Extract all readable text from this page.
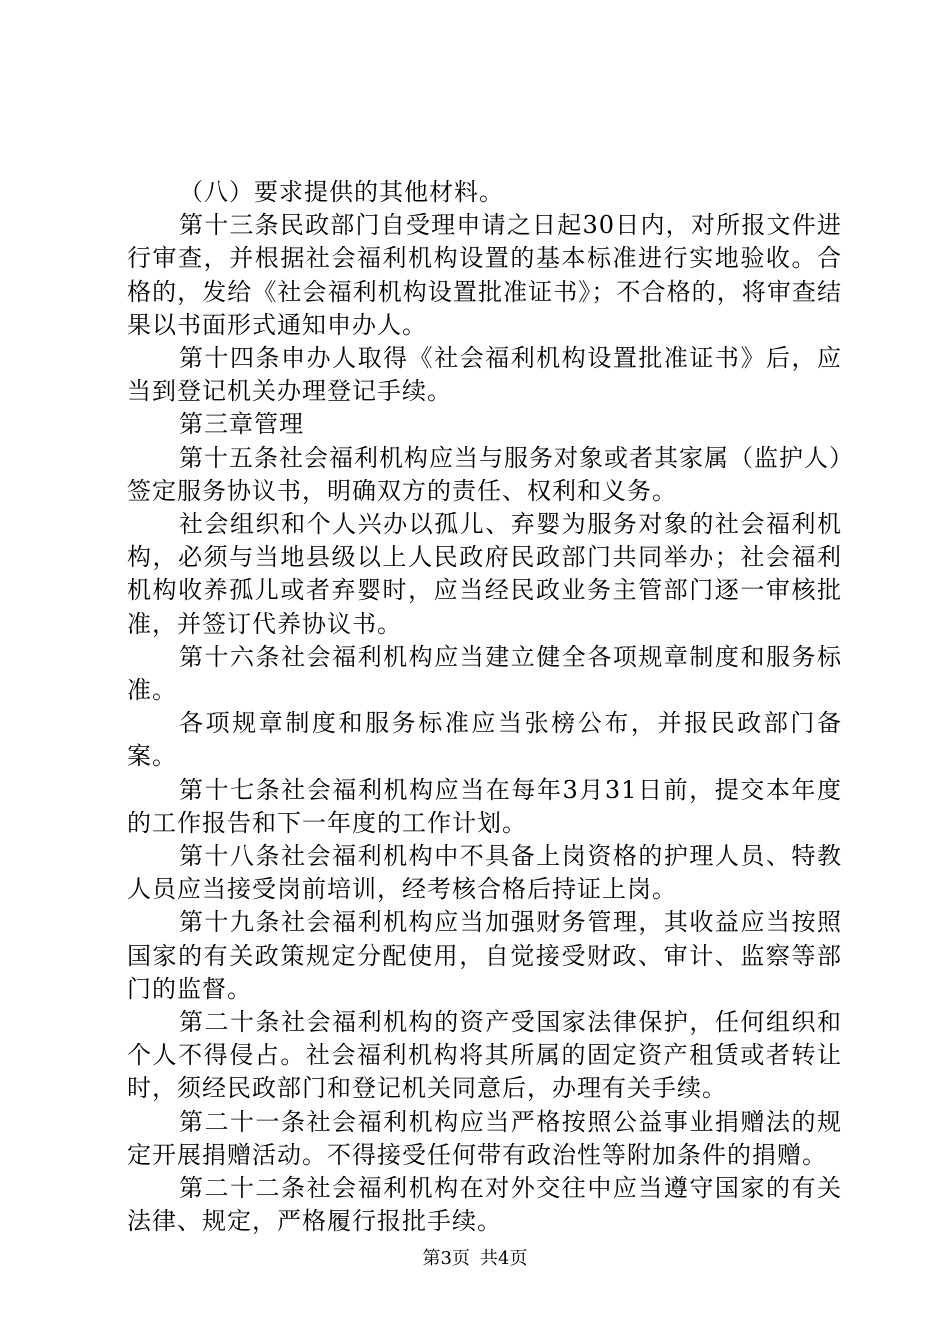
（八）要求提供的其他材料。

第十三条民政部门自受理申请之日起30日内，对所报文件进行审查，并根据社会福利机构设置的基本标准进行实地验收。合格的，发给《社会福利机构设置批准证书》；不合格的，将审查结果以书面形式通知申办人。

第十四条申办人取得《社会福利机构设置批准证书》后，应当到登记机关办理登记手续。

第三章管理

第十五条社会福利机构应当与服务对象或者其家属（监护人）签定服务协议书，明确双方的责任、权利和义务。

社会组织和个人兴办以孤儿、弃婴为服务对象的社会福利机构，必须与当地县级以上人民政府民政部门共同举办；社会福利机构收养孤儿或者弃婴时，应当经民政业务主管部门逐一审核批准，并签订代养协议书。

第十六条社会福利机构应当建立健全各项规章制度和服务标准。

各项规章制度和服务标准应当张榜公布，并报民政部门备案。

第十七条社会福利机构应当在每年3月31日前，提交本年度的工作报告和下一年度的工作计划。

第十八条社会福利机构中不具备上岗资格的护理人员、特教人员应当接受岗前培训，经考核合格后持证上岗。

第十九条社会福利机构应当加强财务管理，其收益应当按照国家的有关政策规定分配使用，自觉接受财政、审计、监察等部门的监督。

第二十条社会福利机构的资产受国家法律保护，任何组织和个人不得侵占。社会福利机构将其所属的固定资产租赁或者转让时，须经民政部门和登记机关同意后，办理有关手续。

第二十一条社会福利机构应当严格按照公益事业捐赠法的规定开展捐赠活动。不得接受任何带有政治性等附加条件的捐赠。

第二十二条社会福利机构在对外交往中应当遵守国家的有关法律、规定，严格履行报批手续。

第3页 共4页
